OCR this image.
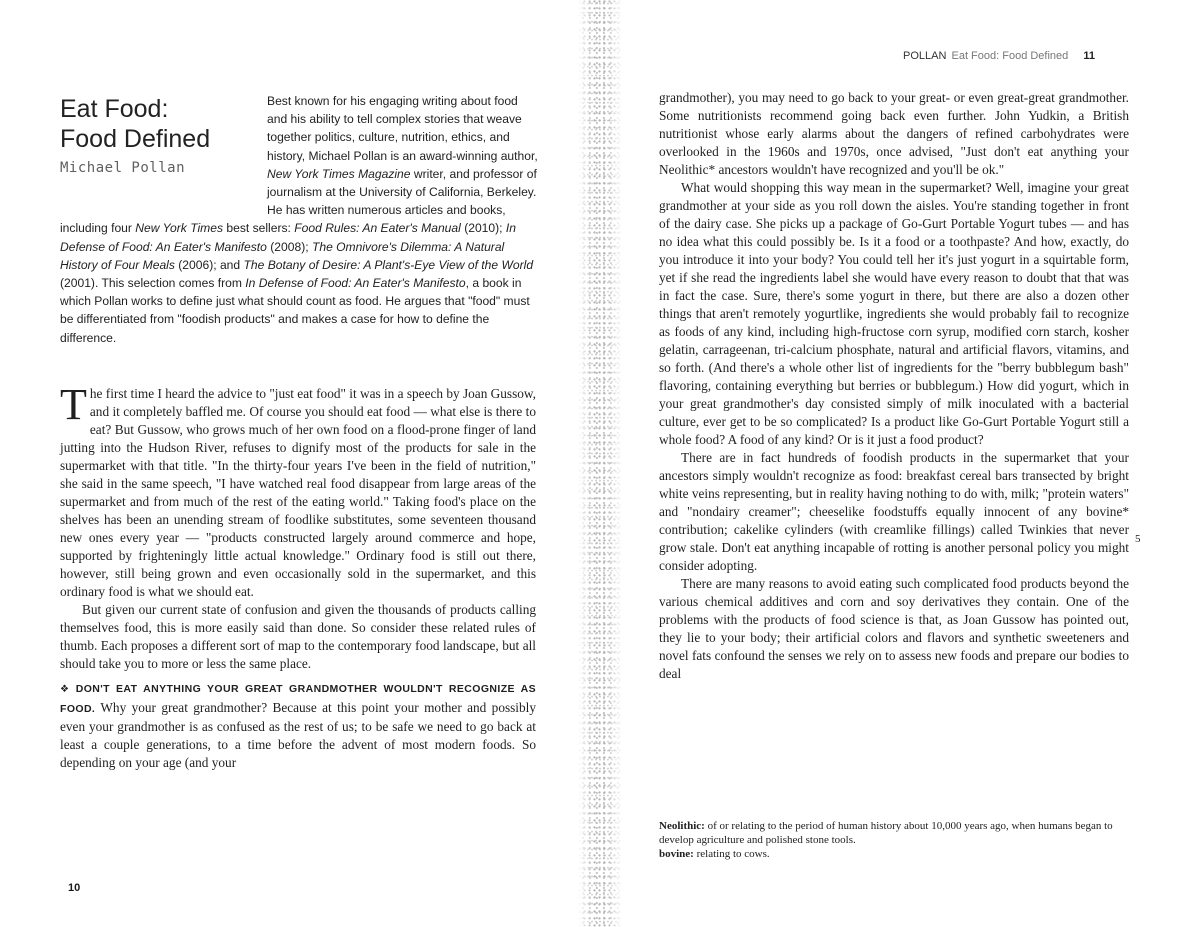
Eat Food:
Food Defined
Michael Pollan

Best known for his engaging writing about food and his ability to tell complex stories that weave together politics, culture, nutrition, ethics, and history, Michael Pollan is an award-winning author, New York Times Magazine writer, and professor of journalism at the University of California, Berkeley. He has written numerous articles and books, including four New York Times best sellers: Food Rules: An Eater's Manual (2010); In Defense of Food: An Eater's Manifesto (2008); The Omnivore's Dilemma: A Natural History of Four Meals (2006); and The Botany of Desire: A Plant's-Eye View of the World (2001). This selection comes from In Defense of Food: An Eater's Manifesto, a book in which Pollan works to define just what should count as food. He argues that "food" must be differentiated from "foodish products" and makes a case for how to define the difference.

The first time I heard the advice to "just eat food" it was in a speech by Joan Gussow, and it completely baffled me. Of course you should eat food — what else is there to eat? But Gussow, who grows much of her own food on a flood-prone finger of land jutting into the Hudson River, refuses to dignify most of the products for sale in the supermarket with that title. "In the thirty-four years I've been in the field of nutrition," she said in the same speech, "I have watched real food disappear from large areas of the supermarket and from much of the rest of the eating world." Taking food's place on the shelves has been an unending stream of foodlike substitutes, some seventeen thousand new ones every year — "products constructed largely around commerce and hope, supported by frighteningly little actual knowledge." Ordinary food is still out there, however, still being grown and even occasionally sold in the supermarket, and this ordinary food is what we should eat.

But given our current state of confusion and given the thousands of products calling themselves food, this is more easily said than done. So consider these related rules of thumb. Each proposes a different sort of map to the contemporary food landscape, but all should take you to more or less the same place.

❖ DON'T EAT ANYTHING YOUR GREAT GRANDMOTHER WOULDN'T RECOGNIZE AS FOOD. Why your great grandmother? Because at this point your mother and possibly even your grandmother is as confused as the rest of us; to be safe we need to go back at least a couple generations, to a time before the advent of most modern foods. So depending on your age (and your

10
POLLAN Eat Food: Food Defined 11

grandmother), you may need to go back to your great- or even great-great grandmother. Some nutritionists recommend going back even further. John Yudkin, a British nutritionist whose early alarms about the dangers of refined carbohydrates were overlooked in the 1960s and 1970s, once advised, "Just don't eat anything your Neolithic* ancestors wouldn't have recognized and you'll be ok."

What would shopping this way mean in the supermarket? Well, imagine your great grandmother at your side as you roll down the aisles. You're standing together in front of the dairy case. She picks up a package of Go-Gurt Portable Yogurt tubes — and has no idea what this could possibly be. Is it a food or a toothpaste? And how, exactly, do you introduce it into your body? You could tell her it's just yogurt in a squirtable form, yet if she read the ingredients label she would have every reason to doubt that that was in fact the case. Sure, there's some yogurt in there, but there are also a dozen other things that aren't remotely yogurtlike, ingredients she would probably fail to recognize as foods of any kind, including high-fructose corn syrup, modified corn starch, kosher gelatin, carrageenan, tri-calcium phosphate, natural and artificial flavors, vitamins, and so forth. (And there's a whole other list of ingredients for the "berry bubblegum bash" flavoring, containing everything but berries or bubblegum.) How did yogurt, which in your great grandmother's day consisted simply of milk inoculated with a bacterial culture, ever get to be so complicated? Is a product like Go-Gurt Portable Yogurt still a whole food? A food of any kind? Or is it just a food product?

There are in fact hundreds of foodish products in the supermarket that your ancestors simply wouldn't recognize as food: breakfast cereal bars transected by bright white veins representing, but in reality having nothing to do with, milk; "protein waters" and "nondairy creamer"; cheeselike foodstuffs equally innocent of any bovine* contribution; cakelike cylinders (with creamlike fillings) called Twinkies that never grow stale. Don't eat anything incapable of rotting is another personal policy you might consider adopting.

There are many reasons to avoid eating such complicated food products beyond the various chemical additives and corn and soy derivatives they contain. One of the problems with the products of food science is that, as Joan Gussow has pointed out, they lie to your body; their artificial colors and flavors and synthetic sweeteners and novel fats confound the senses we rely on to assess new foods and prepare our bodies to deal

5

Neolithic: of or relating to the period of human history about 10,000 years ago, when humans began to develop agriculture and polished stone tools.

bovine: relating to cows.
